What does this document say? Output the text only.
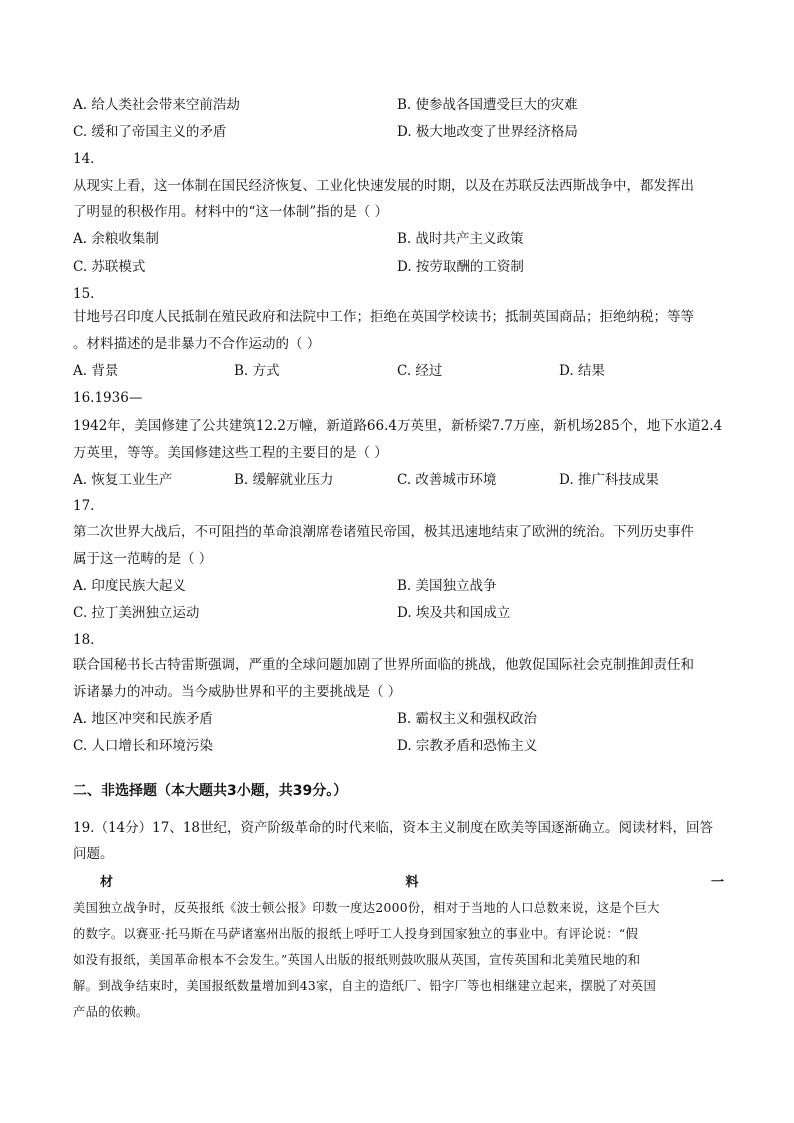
A. 给人类社会带来空前浩劫	B. 使参战各国遭受巨大的灾难
C. 缓和了帝国主义的矛盾	D. 极大地改变了世界经济格局
14.
从现实上看，这一体制在国民经济恢复、工业化快速发展的时期，以及在苏联反法西斯战争中，都发挥出
了明显的积极作用。材料中的“这一体制”指的是（ ）
A. 余粮收集制	B. 战时共产主义政策
C. 苏联模式	D. 按劳取酬的工资制
15.
甘地号召印度人民抵制在殖民政府和法院中工作；拒绝在英国学校读书；抵制英国商品；拒绝纳税；等等
。材料描述的是非暴力不合作运动的（ ）
A. 背景	B. 方式	C. 经过	D. 结果
16.1936—
1942年，美国修建了公共建筑12.2万幢，新道路66.4万英里，新桥梁7.7万座，新机场285个，地下水道2.4
万英里，等等。美国修建这些工程的主要目的是（ ）
A. 恢复工业生产	B. 缓解就业压力	C. 改善城市环境	D. 推广科技成果
17.
第二次世界大战后，不可阻挡的革命浪潮席卷诸殖民帝国，极其迅速地结束了欧洲的统治。下列历史事件
属于这一范畴的是（ ）
A. 印度民族大起义	B. 美国独立战争
C. 拉丁美洲独立运动	D. 埃及共和国成立
18.
联合国秘书长古特雷斯强调，严重的全球问题加剧了世界所面临的挑战，他敦促国际社会克制推卸责任和
诉诸暴力的冲动。当今威胁世界和平的主要挑战是（ ）
A. 地区冲突和民族矛盾	B. 霸权主义和强权政治
C. 人口增长和环境污染	D. 宗教矛盾和恐怖主义
二、非选择题（本大题共3小题，共39分。）
19.（14分）17、18世纪，资产阶级革命的时代来临，资本主义制度在欧美等国逐渐确立。阅读材料，回答
问题。
材	料	一
美国独立战争时，反英报纸《波士顿公报》印数一度达2000份，相对于当地的人口总数来说，这是个巨大
的数字。以赛亚·托马斯在马萨诸塞州出版的报纸上呼吁工人投身到国家独立的事业中。有评论说：“假
如没有报纸，美国革命根本不会发生。”英国人出版的报纸则鼓吹服从英国，宣传英国和北美殖民地的和
解。到战争结束时，美国报纸数量增加到43家，自主的造纸厂、铅字厂等也相继建立起来，摆脱了对英国
产品的依赖。
